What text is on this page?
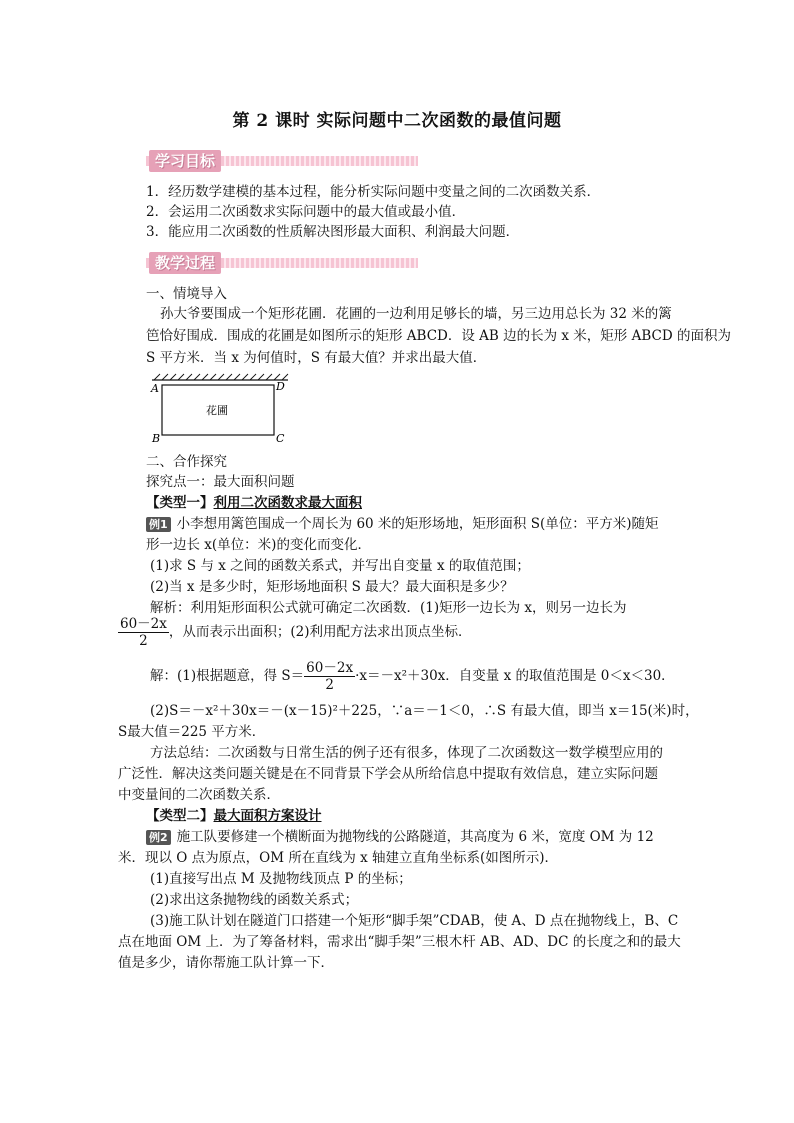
第 2 课时 实际问题中二次函数的最值问题
学习目标
1．经历数学建模的基本过程，能分析实际问题中变量之间的二次函数关系．
2．会运用二次函数求实际问题中的最大值或最小值．
3．能应用二次函数的性质解决图形最大面积、利润最大问题．
教学过程
一、情境导入
孙大爷要围成一个矩形花圃．花圃的一边利用足够长的墙，另三边用总长为 32 米的篱
笆恰好围成．围成的花圃是如图所示的矩形 ABCD．设 AB 边的长为 x 米，矩形 ABCD 的面积为
S 平方米．当 x 为何值时，S 有最大值？并求出最大值．
A	D
B	C
花圃
二、合作探究
探究点一：最大面积问题
【类型一】利用二次函数求最大面积
例1 小李想用篱笆围成一个周长为 60 米的矩形场地，矩形面积 S(单位：平方米)随矩
形一边长 x(单位：米)的变化而变化．
(1)求 S 与 x 之间的函数关系式，并写出自变量 x 的取值范围；
(2)当 x 是多少时，矩形场地面积 S 最大？最大面积是多少？
解析：利用矩形面积公式就可确定二次函数．(1)矩形一边长为 x，则另一边长为
$\frac{60-2x}{2}$ ，从而表示出面积；(2)利用配方法求出顶点坐标．
解：(1)根据题意，得 $S= \frac{60-2x}{2} \cdot x=-x^2+30x$．自变量 x 的取值范围是 0＜x＜30．
(2)S＝－x²＋30x＝－(x－15)²＋225，∵a＝－1＜0，∴S 有最大值，即当 x＝15(米)时，
S最大值＝225 平方米．
方法总结：二次函数与日常生活的例子还有很多，体现了二次函数这一数学模型应用的
广泛性．解决这类问题关键是在不同背景下学会从所给信息中提取有效信息，建立实际问题
中变量间的二次函数关系．
【类型二】最大面积方案设计
例2 施工队要修建一个横断面为抛物线的公路隧道，其高度为 6 米，宽度 OM 为 12
米．现以 O 点为原点，OM 所在直线为 x 轴建立直角坐标系(如图所示)．
(1)直接写出点 M 及抛物线顶点 P 的坐标；
(2)求出这条抛物线的函数关系式；
(3)施工队计划在隧道门口搭建一个矩形“脚手架”CDAB，使 A、D 点在抛物线上，B、C
点在地面 OM 上．为了筹备材料，需求出“脚手架”三根木杆 AB、AD、DC 的长度之和的最大
值是多少，请你帮施工队计算一下．
